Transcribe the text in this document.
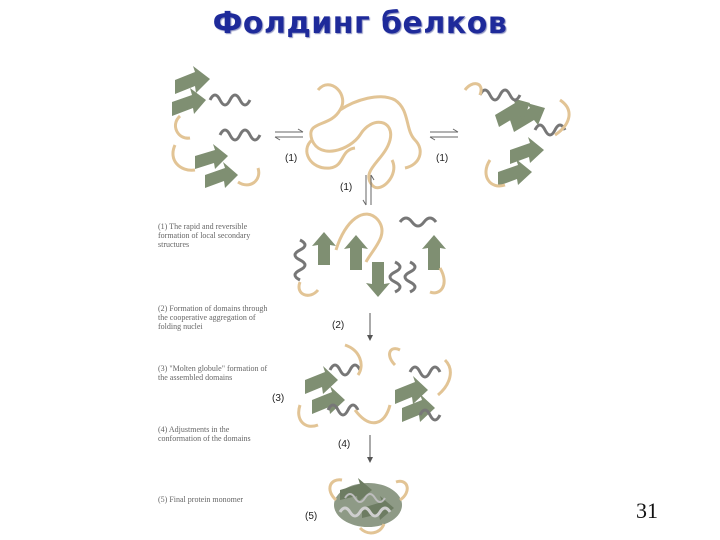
Фолдинг белков
(1)	(1)
(1)
(2)
(3)
(4)
(5)
(1) The rapid and reversible formation of local secondary structures
(2) Formation of domains through the cooperative aggregation of folding nuclei
(3) "Molten globule" formation of the assembled domains
(4) Adjustments in the conformation of the domains
(5) Final protein monomer	31
